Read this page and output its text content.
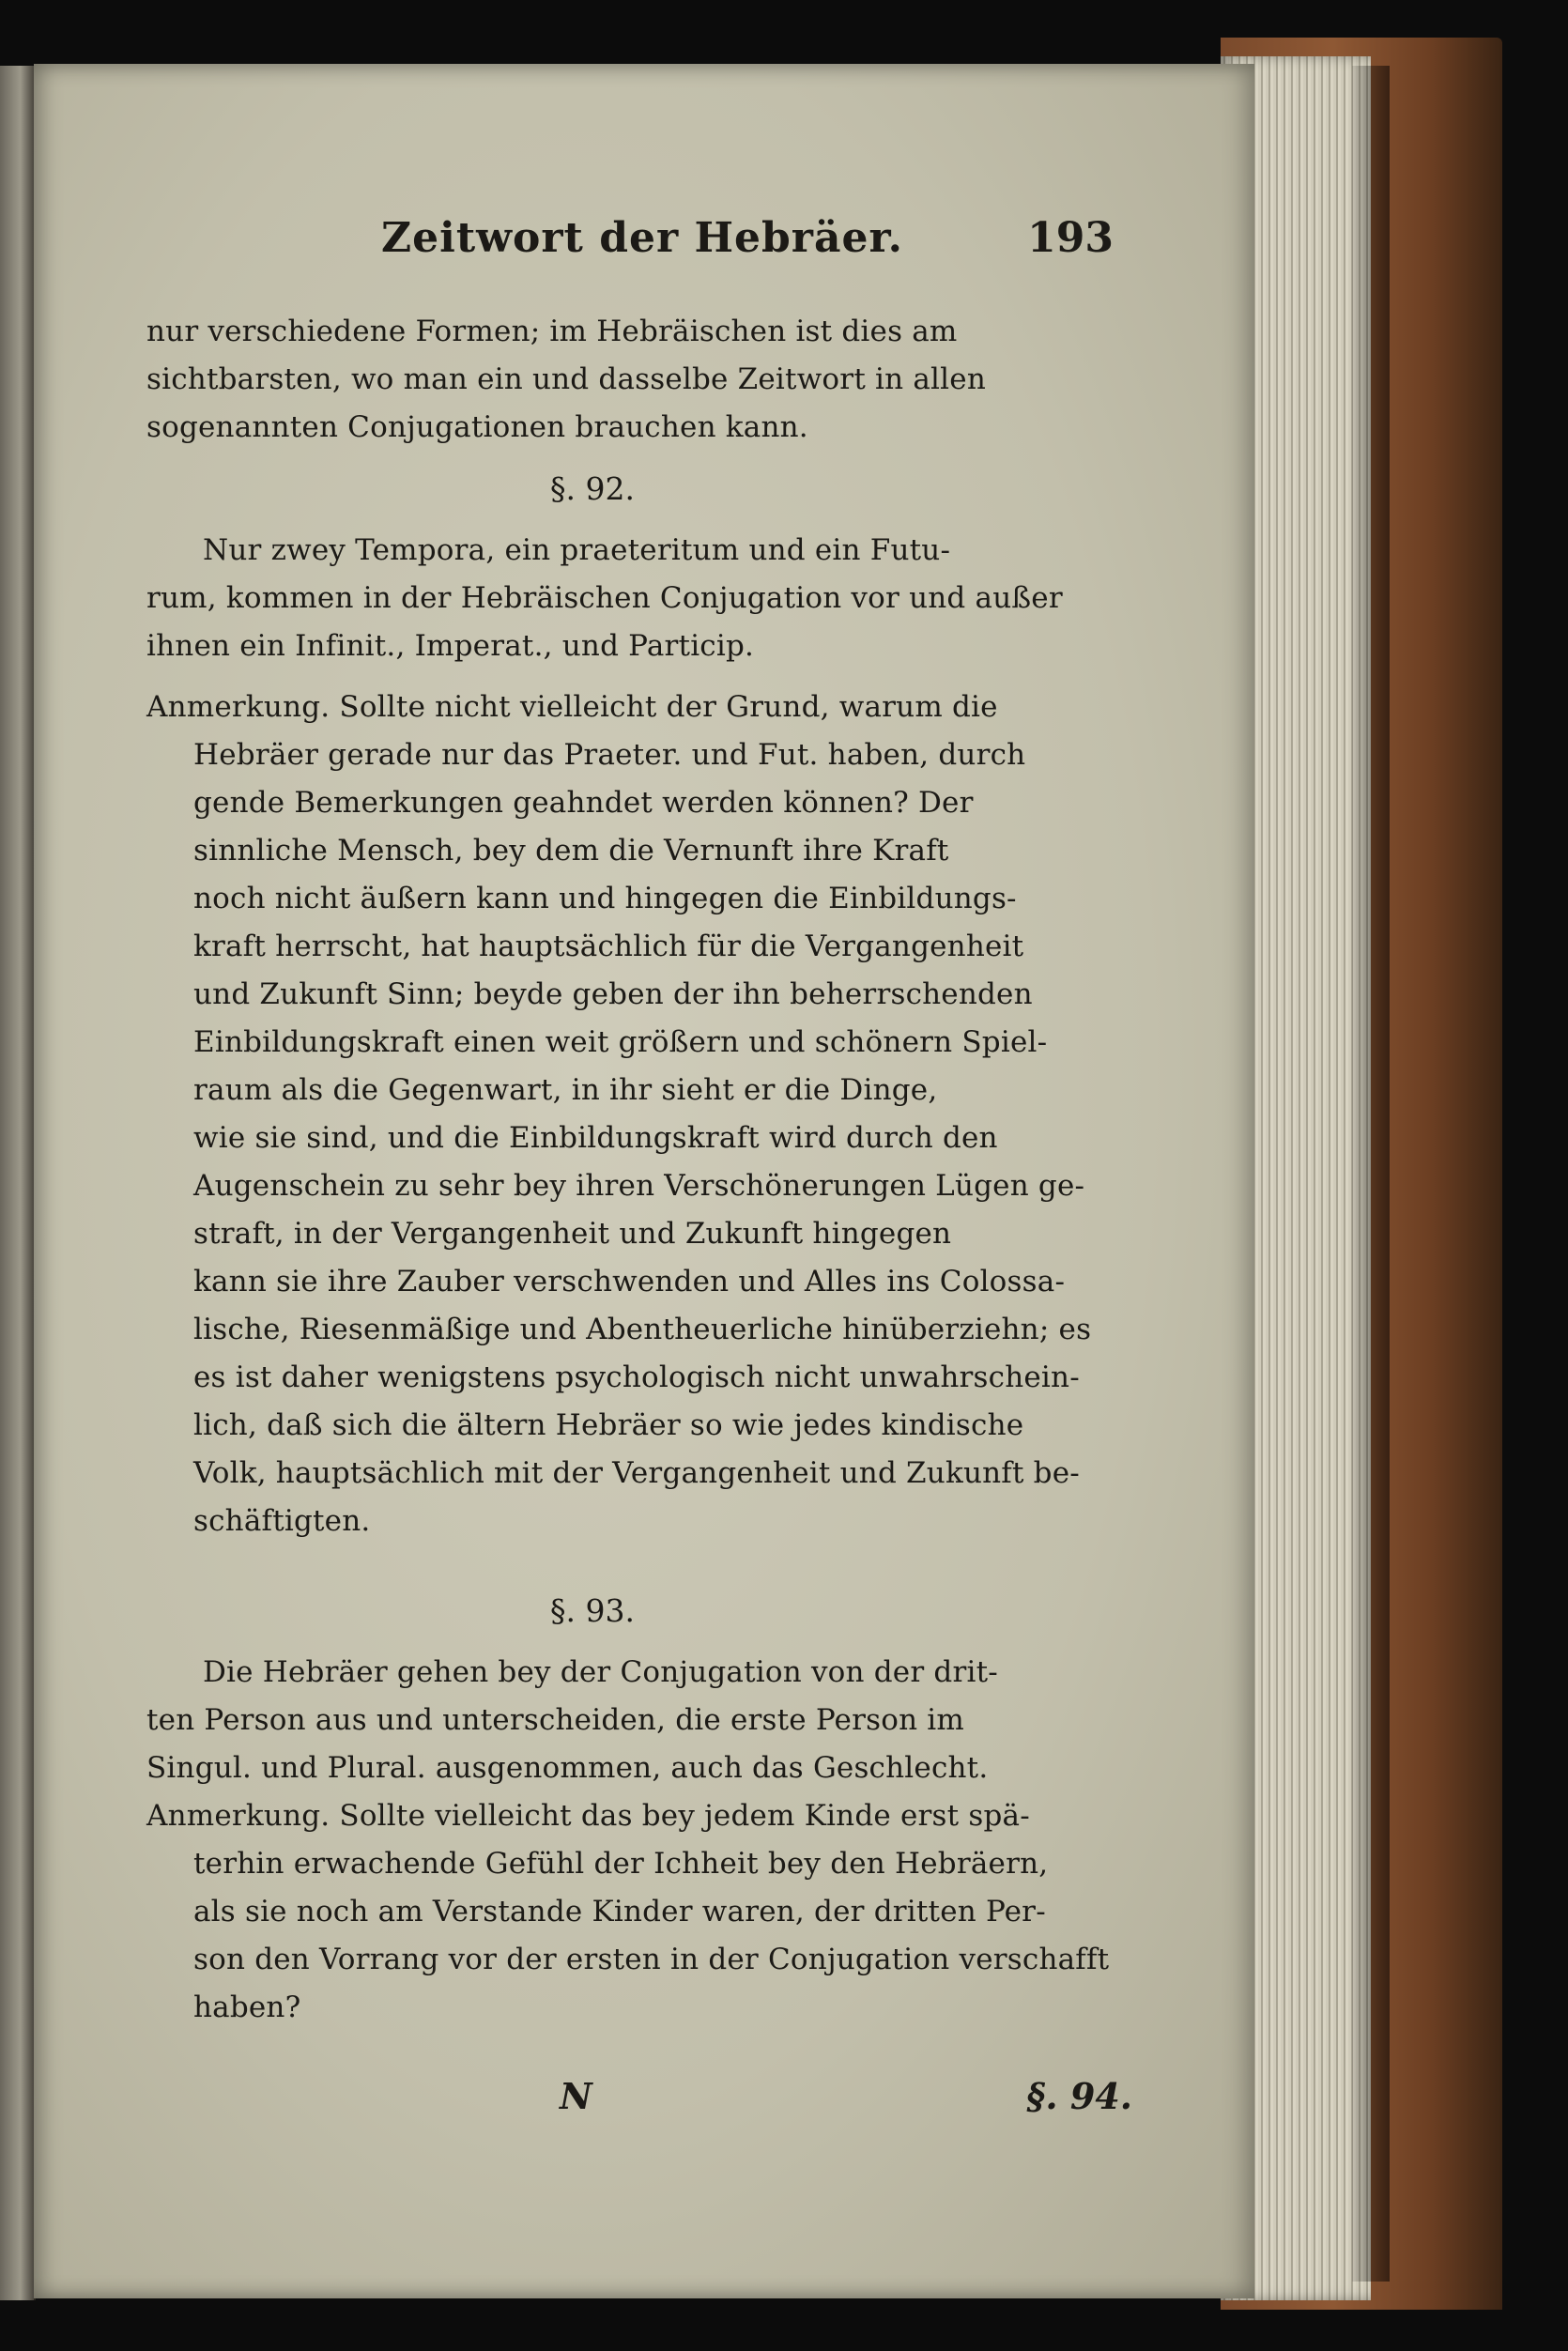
Zeitwort der Hebräer.	193
nur verschiedene Formen; im Hebräischen ist dies am
sichtbarsten, wo man ein und dasselbe Zeitwort in allen
sogenannten Conjugationen brauchen kann.
§. 92.
Nur zwey Tempora, ein praeteritum und ein Futu-
rum, kommen in der Hebräischen Conjugation vor und außer
ihnen ein Infinit., Imperat., und Particip.
Anmerkung. Sollte nicht vielleicht der Grund, warum die
Hebräer gerade nur das Praeter. und Fut. haben, durch
gende Bemerkungen geahndet werden können? Der
sinnliche Mensch, bey dem die Vernunft ihre Kraft
noch nicht äußern kann und hingegen die Einbildungs-
kraft herrscht, hat hauptsächlich für die Vergangenheit
und Zukunft Sinn; beyde geben der ihn beherrschenden
Einbildungskraft einen weit größern und schönern Spiel-
raum als die Gegenwart, in ihr sieht er die Dinge,
wie sie sind, und die Einbildungskraft wird durch den
Augenschein zu sehr bey ihren Verschönerungen Lügen ge-
straft, in der Vergangenheit und Zukunft hingegen
kann sie ihre Zauber verschwenden und Alles ins Colossa-
lische, Riesenmäßige und Abentheuerliche hinüberziehn; es
es ist daher wenigstens psychologisch nicht unwahrschein-
lich, daß sich die ältern Hebräer so wie jedes kindische
Volk, hauptsächlich mit der Vergangenheit und Zukunft be-
schäftigten.
§. 93.
Die Hebräer gehen bey der Conjugation von der drit-
ten Person aus und unterscheiden, die erste Person im
Singul. und Plural. ausgenommen, auch das Geschlecht.
Anmerkung. Sollte vielleicht das bey jedem Kinde erst spä-
terhin erwachende Gefühl der Ichheit bey den Hebräern,
als sie noch am Verstande Kinder waren, der dritten Per-
son den Vorrang vor der ersten in der Conjugation verschafft
haben?
N	§. 94.
